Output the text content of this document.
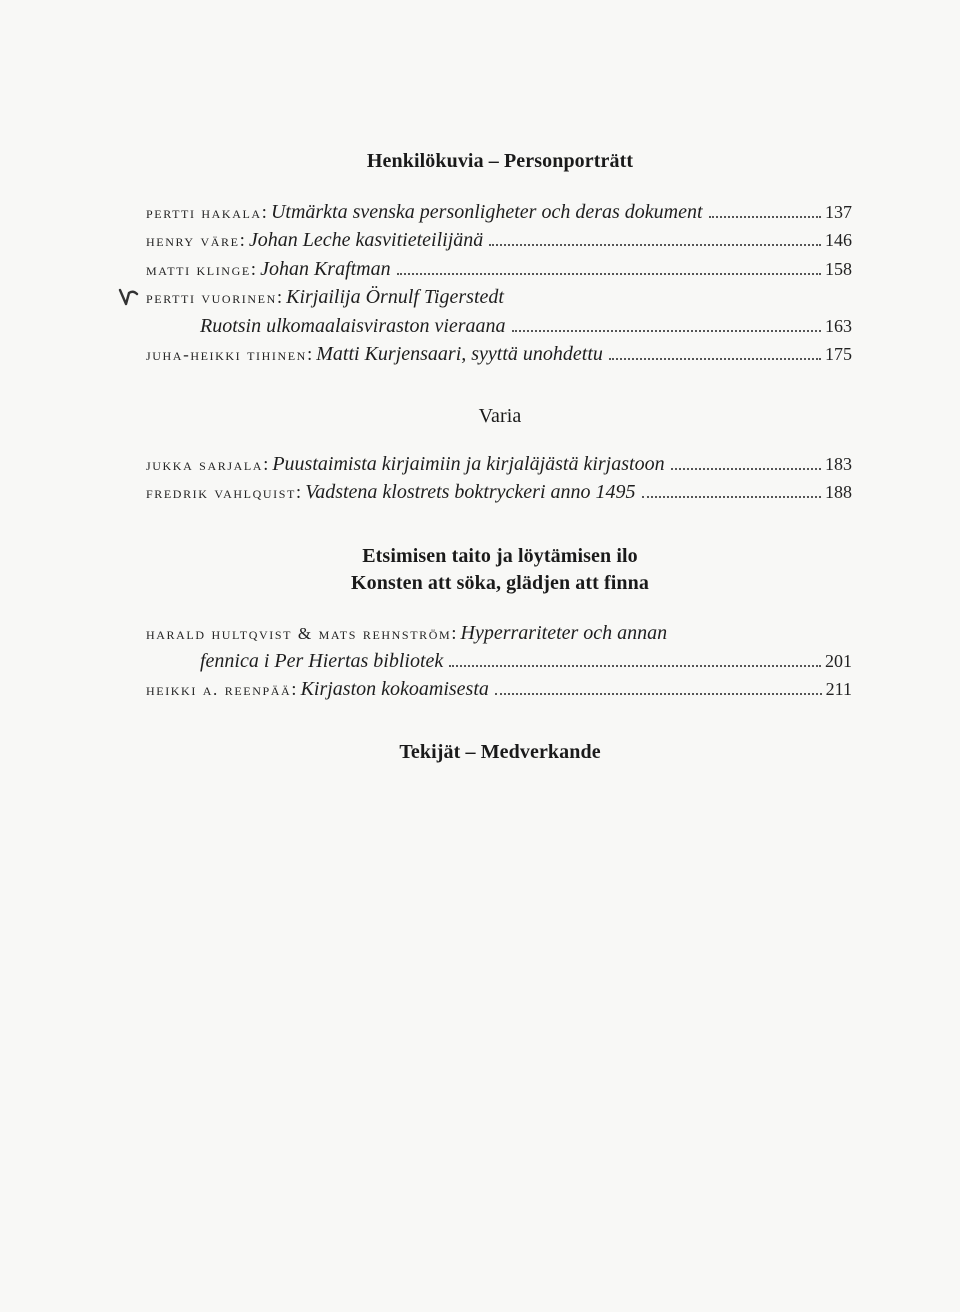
Henkilökuvia – Personporträtt
pertti hakala : Utmärkta svenska personligheter och deras dokument	137
henry väre : Johan Leche kasvitieteilijänä	146
matti klinge : Johan Kraftman	158
pertti vuorinen : Kirjailija Örnulf Tigerstedt
Ruotsin ulkomaalaisviraston vieraana	163
juha-heikki tihinen : Matti Kurjensaari, syyttä unohdettu	175
Varia
jukka sarjala : Puustaimista kirjaimiin ja kirjaläjästä kirjastoon	183
fredrik vahlquist : Vadstena klostrets boktryckeri anno 1495	188
Etsimisen taito ja löytämisen ilo
Konsten att söka, glädjen att finna
harald hultqvist & mats rehnström : Hyperrariteter och annan
fennica i Per Hiertas bibliotek	201
heikki a. reenpää : Kirjaston kokoamisesta	211
Tekijät – Medverkande
